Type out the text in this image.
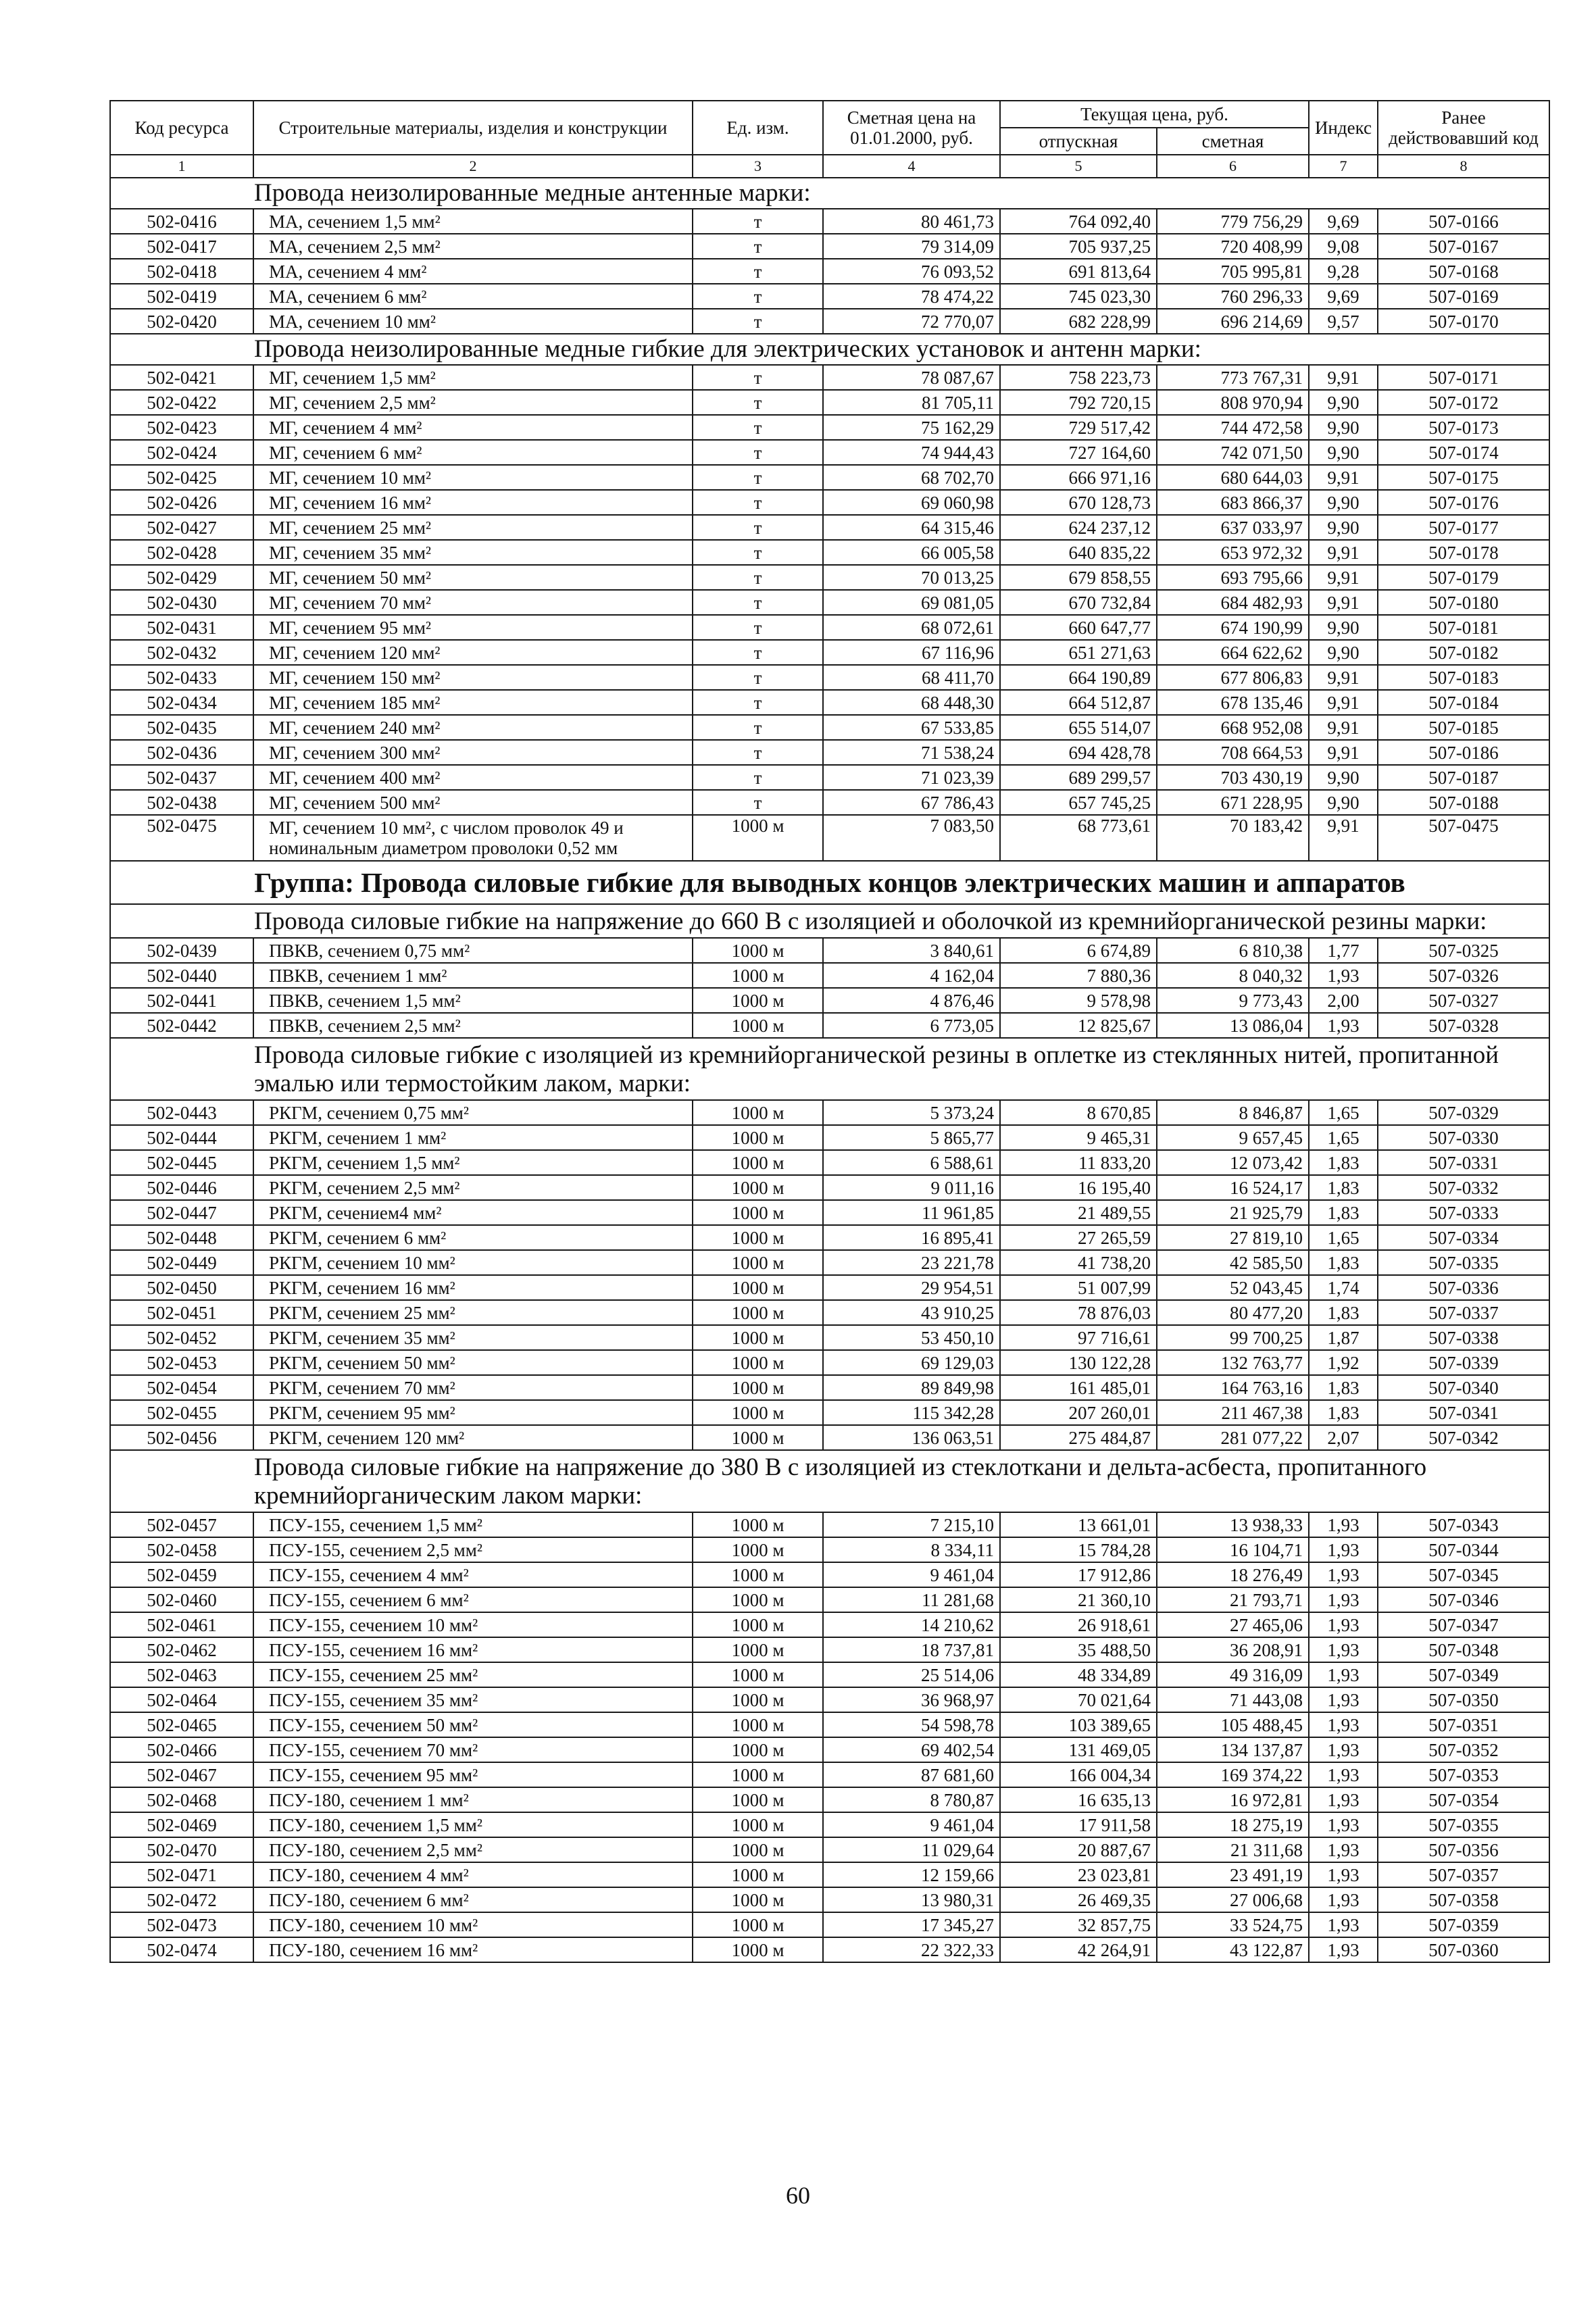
Код ресурса	Строительные материалы, изделия и конструкции	Ед. изм.	Сметная цена на 01.01.2000, руб.	Текущая цена, руб.		Индекс	Ранее действовавший код
				отпускная	сметная		
1	2	3	4	5	6	7	8
Провода неизолированные медные антенные марки:							
502-0416	МА, сечением 1,5 мм²	т	80 461,73	764 092,40	779 756,29	9,69	507-0166
502-0417	МА, сечением 2,5 мм²	т	79 314,09	705 937,25	720 408,99	9,08	507-0167
502-0418	МА, сечением 4 мм²	т	76 093,52	691 813,64	705 995,81	9,28	507-0168
502-0419	МА, сечением 6 мм²	т	78 474,22	745 023,30	760 296,33	9,69	507-0169
502-0420	МА, сечением 10 мм²	т	72 770,07	682 228,99	696 214,69	9,57	507-0170
Провода неизолированные медные гибкие для электрических установок и антенн марки:							
502-0421	МГ, сечением 1,5 мм²	т	78 087,67	758 223,73	773 767,31	9,91	507-0171
502-0422	МГ, сечением 2,5 мм²	т	81 705,11	792 720,15	808 970,94	9,90	507-0172
502-0423	МГ, сечением 4 мм²	т	75 162,29	729 517,42	744 472,58	9,90	507-0173
502-0424	МГ, сечением 6 мм²	т	74 944,43	727 164,60	742 071,50	9,90	507-0174
502-0425	МГ, сечением 10 мм²	т	68 702,70	666 971,16	680 644,03	9,91	507-0175
502-0426	МГ, сечением 16 мм²	т	69 060,98	670 128,73	683 866,37	9,90	507-0176
502-0427	МГ, сечением 25 мм²	т	64 315,46	624 237,12	637 033,97	9,90	507-0177
502-0428	МГ, сечением 35 мм²	т	66 005,58	640 835,22	653 972,32	9,91	507-0178
502-0429	МГ, сечением 50 мм²	т	70 013,25	679 858,55	693 795,66	9,91	507-0179
502-0430	МГ, сечением 70 мм²	т	69 081,05	670 732,84	684 482,93	9,91	507-0180
502-0431	МГ, сечением 95 мм²	т	68 072,61	660 647,77	674 190,99	9,90	507-0181
502-0432	МГ, сечением 120 мм²	т	67 116,96	651 271,63	664 622,62	9,90	507-0182
502-0433	МГ, сечением 150 мм²	т	68 411,70	664 190,89	677 806,83	9,91	507-0183
502-0434	МГ, сечением 185 мм²	т	68 448,30	664 512,87	678 135,46	9,91	507-0184
502-0435	МГ, сечением 240 мм²	т	67 533,85	655 514,07	668 952,08	9,91	507-0185
502-0436	МГ, сечением 300 мм²	т	71 538,24	694 428,78	708 664,53	9,91	507-0186
502-0437	МГ, сечением 400 мм²	т	71 023,39	689 299,57	703 430,19	9,90	507-0187
502-0438	МГ, сечением 500 мм²	т	67 786,43	657 745,25	671 228,95	9,90	507-0188
502-0475	МГ, сечением 10 мм², с числом проволок 49 и номинальным диаметром проволоки 0,52 мм	1000 м	7 083,50	68 773,61	70 183,42	9,91	507-0475
Группа: Провода силовые гибкие для выводных концов электрических машин и аппаратов							
Провода силовые гибкие на напряжение до 660 В с изоляцией и оболочкой из кремнийорганической резины марки:							
502-0439	ПВКВ, сечением 0,75 мм²	1000 м	3 840,61	6 674,89	6 810,38	1,77	507-0325
502-0440	ПВКВ, сечением 1 мм²	1000 м	4 162,04	7 880,36	8 040,32	1,93	507-0326
502-0441	ПВКВ, сечением 1,5 мм²	1000 м	4 876,46	9 578,98	9 773,43	2,00	507-0327
502-0442	ПВКВ, сечением 2,5 мм²	1000 м	6 773,05	12 825,67	13 086,04	1,93	507-0328
Провода силовые гибкие с изоляцией из кремнийорганической резины в оплетке из стеклянных нитей, пропитанной эмалью или термостойким лаком, марки:							
502-0443	РКГМ, сечением 0,75 мм²	1000 м	5 373,24	8 670,85	8 846,87	1,65	507-0329
502-0444	РКГМ, сечением 1 мм²	1000 м	5 865,77	9 465,31	9 657,45	1,65	507-0330
502-0445	РКГМ, сечением 1,5 мм²	1000 м	6 588,61	11 833,20	12 073,42	1,83	507-0331
502-0446	РКГМ, сечением 2,5 мм²	1000 м	9 011,16	16 195,40	16 524,17	1,83	507-0332
502-0447	РКГМ, сечением4 мм²	1000 м	11 961,85	21 489,55	21 925,79	1,83	507-0333
502-0448	РКГМ, сечением 6 мм²	1000 м	16 895,41	27 265,59	27 819,10	1,65	507-0334
502-0449	РКГМ, сечением 10 мм²	1000 м	23 221,78	41 738,20	42 585,50	1,83	507-0335
502-0450	РКГМ, сечением 16 мм²	1000 м	29 954,51	51 007,99	52 043,45	1,74	507-0336
502-0451	РКГМ, сечением 25 мм²	1000 м	43 910,25	78 876,03	80 477,20	1,83	507-0337
502-0452	РКГМ, сечением 35 мм²	1000 м	53 450,10	97 716,61	99 700,25	1,87	507-0338
502-0453	РКГМ, сечением 50 мм²	1000 м	69 129,03	130 122,28	132 763,77	1,92	507-0339
502-0454	РКГМ, сечением 70 мм²	1000 м	89 849,98	161 485,01	164 763,16	1,83	507-0340
502-0455	РКГМ, сечением 95 мм²	1000 м	115 342,28	207 260,01	211 467,38	1,83	507-0341
502-0456	РКГМ, сечением 120 мм²	1000 м	136 063,51	275 484,87	281 077,22	2,07	507-0342
Провода силовые гибкие на напряжение до 380 В с изоляцией из стеклоткани и дельта-асбеста, пропитанного кремнийорганическим лаком марки:							
502-0457	ПСУ-155, сечением 1,5 мм²	1000 м	7 215,10	13 661,01	13 938,33	1,93	507-0343
502-0458	ПСУ-155, сечением 2,5 мм²	1000 м	8 334,11	15 784,28	16 104,71	1,93	507-0344
502-0459	ПСУ-155, сечением 4 мм²	1000 м	9 461,04	17 912,86	18 276,49	1,93	507-0345
502-0460	ПСУ-155, сечением 6 мм²	1000 м	11 281,68	21 360,10	21 793,71	1,93	507-0346
502-0461	ПСУ-155, сечением 10 мм²	1000 м	14 210,62	26 918,61	27 465,06	1,93	507-0347
502-0462	ПСУ-155, сечением 16 мм²	1000 м	18 737,81	35 488,50	36 208,91	1,93	507-0348
502-0463	ПСУ-155, сечением 25 мм²	1000 м	25 514,06	48 334,89	49 316,09	1,93	507-0349
502-0464	ПСУ-155, сечением 35 мм²	1000 м	36 968,97	70 021,64	71 443,08	1,93	507-0350
502-0465	ПСУ-155, сечением 50 мм²	1000 м	54 598,78	103 389,65	105 488,45	1,93	507-0351
502-0466	ПСУ-155, сечением 70 мм²	1000 м	69 402,54	131 469,05	134 137,87	1,93	507-0352
502-0467	ПСУ-155, сечением 95 мм²	1000 м	87 681,60	166 004,34	169 374,22	1,93	507-0353
502-0468	ПСУ-180, сечением 1 мм²	1000 м	8 780,87	16 635,13	16 972,81	1,93	507-0354
502-0469	ПСУ-180, сечением 1,5 мм²	1000 м	9 461,04	17 911,58	18 275,19	1,93	507-0355
502-0470	ПСУ-180, сечением 2,5 мм²	1000 м	11 029,64	20 887,67	21 311,68	1,93	507-0356
502-0471	ПСУ-180, сечением 4 мм²	1000 м	12 159,66	23 023,81	23 491,19	1,93	507-0357
502-0472	ПСУ-180, сечением 6 мм²	1000 м	13 980,31	26 469,35	27 006,68	1,93	507-0358
502-0473	ПСУ-180, сечением 10 мм²	1000 м	17 345,27	32 857,75	33 524,75	1,93	507-0359
502-0474	ПСУ-180, сечением 16 мм²	1000 м	22 322,33	42 264,91	43 122,87	1,93	507-0360
60
